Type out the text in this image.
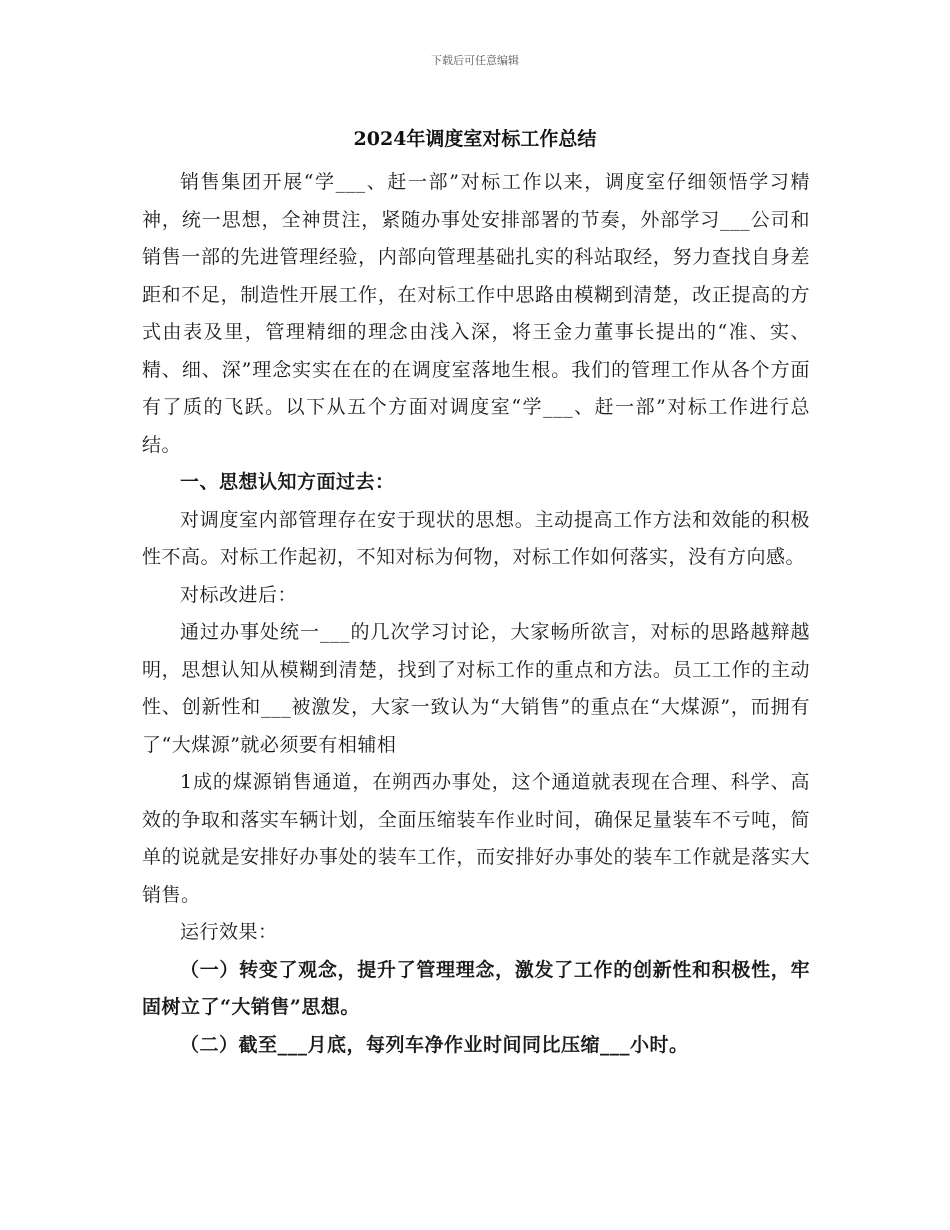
下载后可任意编辑
2024年调度室对标工作总结

销售集团开展“学___、赶一部”对标工作以来，调度室仔细领悟学习精神，统一思想，全神贯注，紧随办事处安排部署的节奏，外部学习___公司和销售一部的先进管理经验，内部向管理基础扎实的科站取经，努力查找自身差距和不足，制造性开展工作，在对标工作中思路由模糊到清楚，改正提高的方式由表及里，管理精细的理念由浅入深，将王金力董事长提出的“准、实、精、细、深”理念实实在在的在调度室落地生根。我们的管理工作从各个方面有了质的飞跃。以下从五个方面对调度室“学___、赶一部”对标工作进行总结。

一、思想认知方面过去：

对调度室内部管理存在安于现状的思想。主动提高工作方法和效能的积极性不高。对标工作起初，不知对标为何物，对标工作如何落实，没有方向感。

对标改进后：

通过办事处统一___的几次学习讨论，大家畅所欲言，对标的思路越辩越明，思想认知从模糊到清楚，找到了对标工作的重点和方法。员工工作的主动性、创新性和___被激发，大家一致认为“大销售”的重点在“大煤源”，而拥有了“大煤源”就必须要有相辅相

1成的煤源销售通道，在朔西办事处，这个通道就表现在合理、科学、高效的争取和落实车辆计划，全面压缩装车作业时间，确保足量装车不亏吨，简单的说就是安排好办事处的装车工作，而安排好办事处的装车工作就是落实大销售。

运行效果：

（一）转变了观念，提升了管理理念，激发了工作的创新性和积极性，牢固树立了“大销售”思想。

（二）截至___月底，每列车净作业时间同比压缩___小时。
